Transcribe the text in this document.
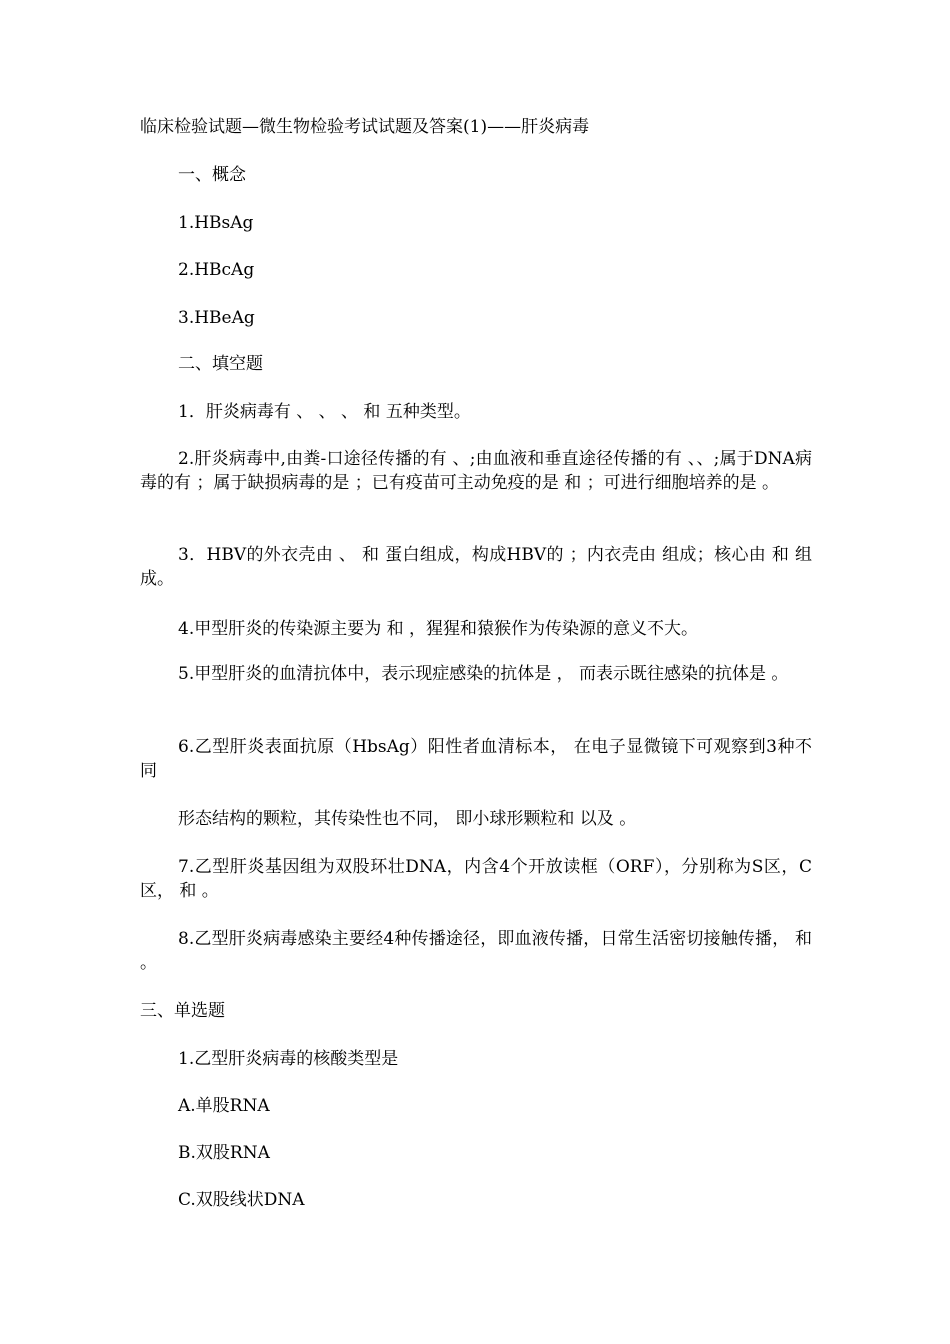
临床检验试题—微生物检验考试试题及答案(1)——肝炎病毒
一、概念
1.HBsAg
2.HBcAg
3.HBeAg
二、填空题
1．肝炎病毒有 、 、 、 和 五种类型。
2.肝炎病毒中,由粪-口途径传播的有 、;由血液和垂直途径传播的有 、、;属于DNA病毒的有 ；属于缺损病毒的是 ；已有疫苗可主动免疫的是 和 ；可进行细胞培养的是 。
3．HBV的外衣壳由 、 和 蛋白组成，构成HBV的 ；内衣壳由 组成；核心由 和 组成。
4.甲型肝炎的传染源主要为 和 ，猩猩和猿猴作为传染源的意义不大。
5.甲型肝炎的血清抗体中，表示现症感染的抗体是 ， 而表示既往感染的抗体是 。
6.乙型肝炎表面抗原（HbsAg）阳性者血清标本， 在电子显微镜下可观察到3种不同
形态结构的颗粒，其传染性也不同， 即小球形颗粒和 以及 。
7.乙型肝炎基因组为双股环壮DNA，内含4个开放读框（ORF），分别称为S区，C区， 和 。
8.乙型肝炎病毒感染主要经4种传播途径，即血液传播，日常生活密切接触传播， 和 。
三、单选题
1.乙型肝炎病毒的核酸类型是
A.单股RNA
B.双股RNA
C.双股线状DNA
